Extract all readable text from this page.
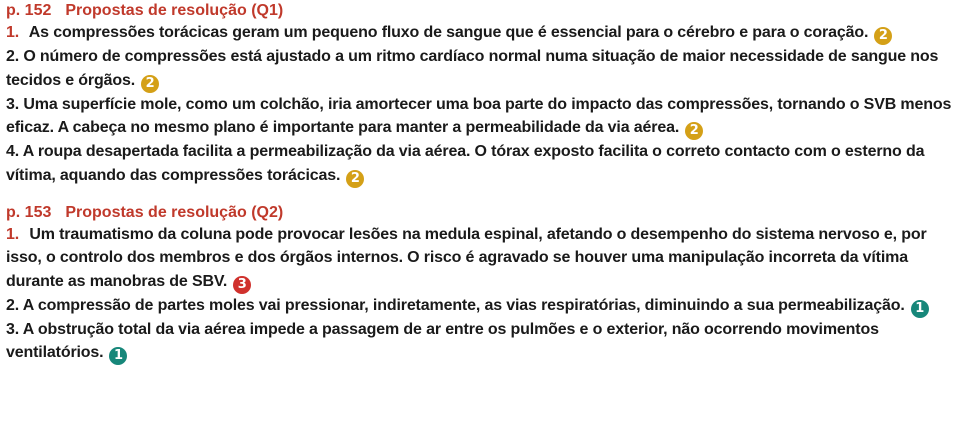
p. 152 Propostas de resolução (Q1)

1. As compressões torácicas geram um pequeno fluxo de sangue que é essencial para o cérebro e para o coração. 2

2. O número de compressões está ajustado a um ritmo cardíaco normal numa situação de maior necessidade de sangue nos tecidos e órgãos. 2

3. Uma superfície mole, como um colchão, iria amortecer uma boa parte do impacto das compressões, tornando o SVB menos eficaz. A cabeça no mesmo plano é importante para manter a permeabilidade da via aérea. 2

4. A roupa desapertada facilita a permeabilização da via aérea. O tórax exposto facilita o correto contacto com o esterno da vítima, aquando das compressões torácicas. 2

p. 153 Propostas de resolução (Q2)

1. Um traumatismo da coluna pode provocar lesões na medula espinal, afetando o desempenho do sistema nervoso e, por isso, o controlo dos membros e dos órgãos internos. O risco é agravado se houver uma manipulação incorreta da vítima durante as manobras de SBV. 3

2. A compressão de partes moles vai pressionar, indiretamente, as vias respiratórias, diminuindo a sua permeabilização. 1

3. A obstrução total da via aérea impede a passagem de ar entre os pulmões e o exterior, não ocorrendo movimentos ventilatórios. 1
